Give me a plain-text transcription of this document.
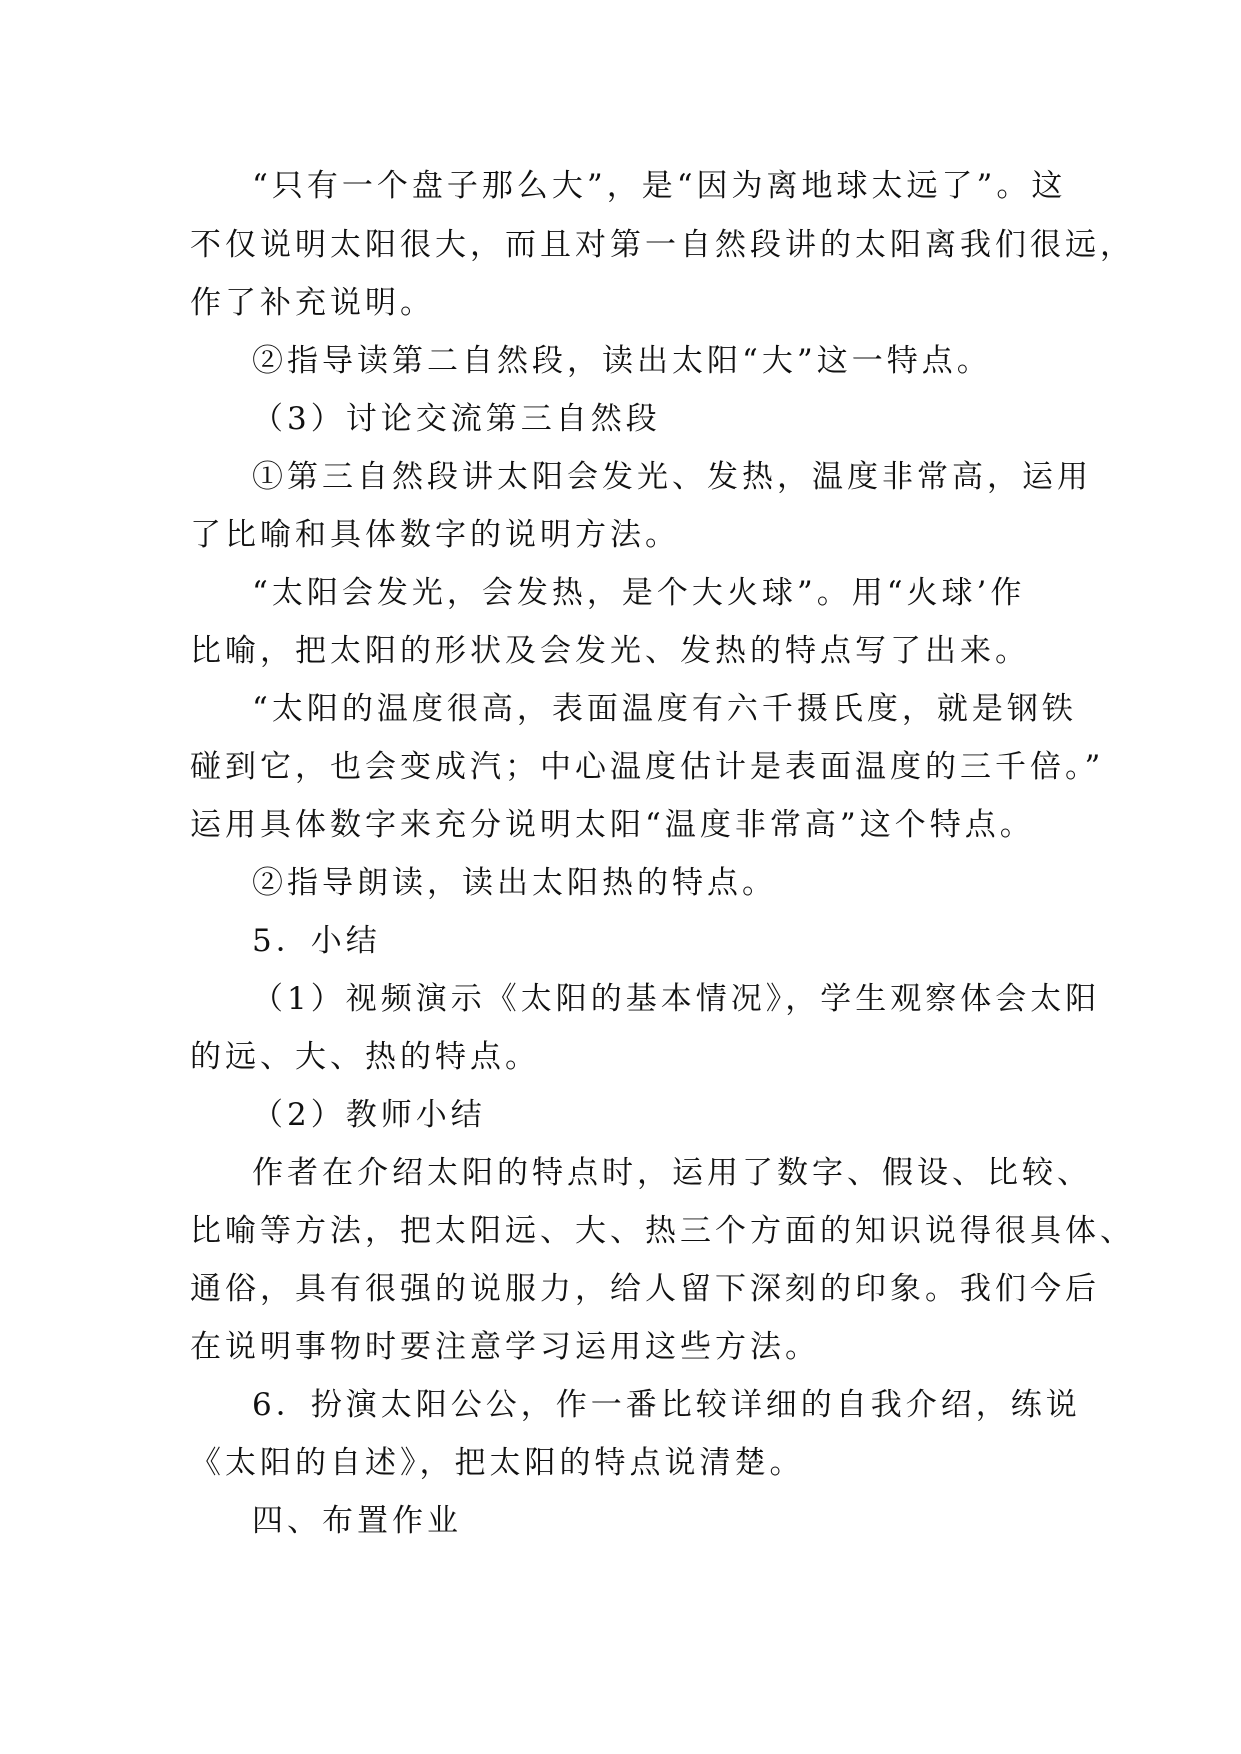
“只有一个盘子那么大”，是“因为离地球太远了”。这
不仅说明太阳很大，而且对第一自然段讲的太阳离我们很远，
作了补充说明。
②指导读第二自然段，读出太阳“大”这一特点。
（3）讨论交流第三自然段
①第三自然段讲太阳会发光、发热，温度非常高，运用
了比喻和具体数字的说明方法。
“太阳会发光，会发热，是个大火球”。用“火球’作
比喻，把太阳的形状及会发光、发热的特点写了出来。
“太阳的温度很高，表面温度有六千摄氏度，就是钢铁
碰到它，也会变成汽；中心温度估计是表面温度的三千倍。”
运用具体数字来充分说明太阳“温度非常高”这个特点。
②指导朗读，读出太阳热的特点。
5．小结
（1）视频演示《太阳的基本情况》，学生观察体会太阳
的远、大、热的特点。
（2）教师小结
作者在介绍太阳的特点时，运用了数字、假设、比较、
比喻等方法，把太阳远、大、热三个方面的知识说得很具体、
通俗，具有很强的说服力，给人留下深刻的印象。我们今后
在说明事物时要注意学习运用这些方法。
6．扮演太阳公公，作一番比较详细的自我介绍，练说
《太阳的自述》，把太阳的特点说清楚。
四、布置作业
